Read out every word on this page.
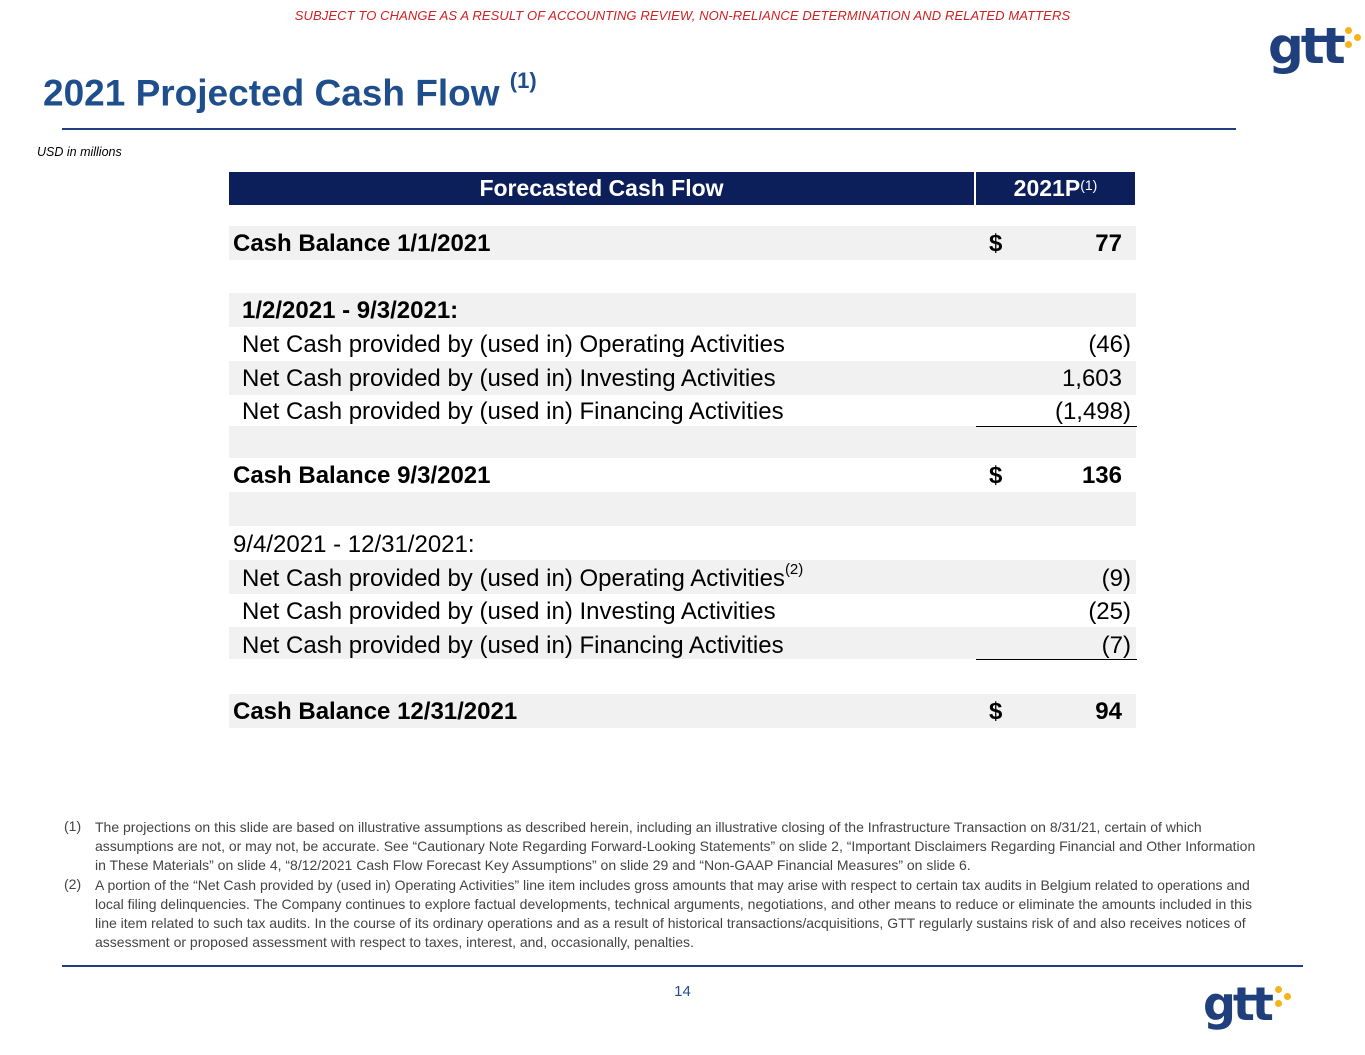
SUBJECT TO CHANGE AS A RESULT OF ACCOUNTING REVIEW, NON-RELIANCE DETERMINATION AND RELATED MATTERS
gtt
2021 Projected Cash Flow $^{(1)}$
USD in millions
Forecasted Cash Flow	$2021P^{(1)}$
Cash Balance 1/1/2021	$	77
1/2/2021 - 9/3/2021:
Net Cash provided by (used in) Operating Activities	(46)
Net Cash provided by (used in) Investing Activities	1,603
Net Cash provided by (used in) Financing Activities	(1,498)
Cash Balance 9/3/2021	$	136
9/4/2021 - 12/31/2021:
Net Cash provided by (used in) Operating Activities$^{(2)}$	(9)
Net Cash provided by (used in) Investing Activities	(25)
Net Cash provided by (used in) Financing Activities	(7)
Cash Balance 12/31/2021	$	94
(1) The projections on this slide are based on illustrative assumptions as described herein, including an illustrative closing of the Infrastructure Transaction on 8/31/21, certain of which assumptions are not, or may not, be accurate. See “Cautionary Note Regarding Forward-Looking Statements” on slide 2, “Important Disclaimers Regarding Financial and Other Information in These Materials” on slide 4, “8/12/2021 Cash Flow Forecast Key Assumptions” on slide 29 and “Non-GAAP Financial Measures” on slide 6.
(2) A portion of the “Net Cash provided by (used in) Operating Activities” line item includes gross amounts that may arise with respect to certain tax audits in Belgium related to operations and local filing delinquencies. The Company continues to explore factual developments, technical arguments, negotiations, and other means to reduce or eliminate the amounts included in this line item related to such tax audits. In the course of its ordinary operations and as a result of historical transactions/acquisitions, GTT regularly sustains risk of and also receives notices of assessment or proposed assessment with respect to taxes, interest, and, occasionally, penalties.
14	gtt
